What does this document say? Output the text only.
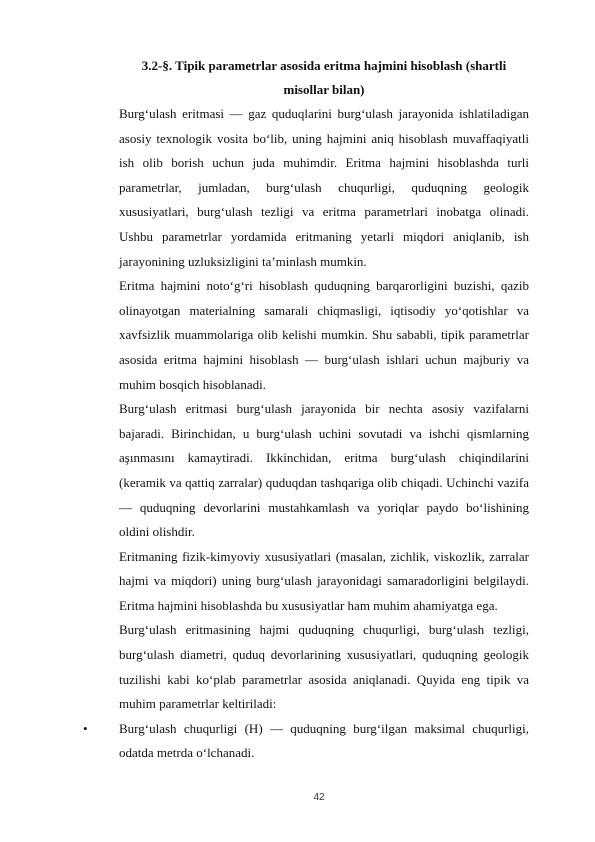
3.2-§. Tipik parametrlar asosida eritma hajmini hisoblash (shartli
misollar bilan)

Burg‘ulash eritmasi — gaz quduqlarini burg‘ulash jarayonida ishlatiladigan asosiy texnologik vosita bo‘lib, uning hajmini aniq hisoblash muvaffaqiyatli ish olib borish uchun juda muhimdir. Eritma hajmini hisoblashda turli parametrlar, jumladan, burg‘ulash chuqurligi, quduqning geologik xususiyatlari, burg‘ulash tezligi va eritma parametrlari inobatga olinadi. Ushbu parametrlar yordamida eritmaning yetarli miqdori aniqlanib, ish jarayonining uzluksizligini ta’minlash mumkin.

Eritma hajmini noto‘g‘ri hisoblash quduqning barqarorligini buzishi, qazib olinayotgan materialning samarali chiqmasligi, iqtisodiy yo‘qotishlar va xavfsizlik muammolariga olib kelishi mumkin. Shu sababli, tipik parametrlar asosida eritma hajmini hisoblash — burg‘ulash ishlari uchun majburiy va muhim bosqich hisoblanadi.

Burg‘ulash eritmasi burg‘ulash jarayonida bir nechta asosiy vazifalarni bajaradi. Birinchidan, u burg‘ulash uchini sovutadi va ishchi qismlarning aşınmasını kamaytiradi. Ikkinchidan, eritma burg‘ulash chiqindilarini (keramik va qattiq zarralar) quduqdan tashqariga olib chiqadi. Uchinchi vazifa — quduqning devorlarini mustahkamlash va yoriqlar paydo bo‘lishining oldini olishdir.

Eritmaning fizik-kimyoviy xususiyatlari (masalan, zichlik, viskozlik, zarralar hajmi va miqdori) uning burg‘ulash jarayonidagi samaradorligini belgilaydi. Eritma hajmini hisoblashda bu xususiyatlar ham muhim ahamiyatga ega.

Burg‘ulash eritmasining hajmi quduqning chuqurligi, burg‘ulash tezligi, burg‘ulash diametri, quduq devorlarining xususiyatlari, quduqning geologik tuzilishi kabi ko‘plab parametrlar asosida aniqlanadi. Quyida eng tipik va muhim parametrlar keltiriladi:

• Burg‘ulash chuqurligi (H) — quduqning burg‘ilgan maksimal chuqurligi, odatda metrda o‘lchanadi.
42
